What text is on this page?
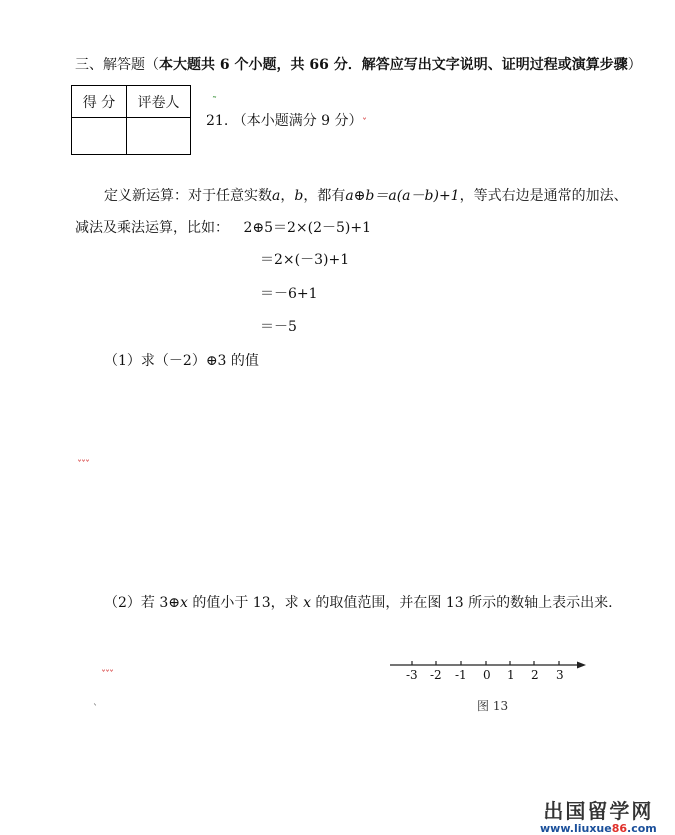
三、解答题（本大题共 6 个小题，共 66 分．解答应写出文字说明、证明过程或演算步骤）
得 分	评卷人
		˜
21. （本小题满分 9 分） ˇ
定义新运算：对于任意实数a，b，都有a⊕b＝a(a－b)+1，等式右边是通常的加法、
减法及乘法运算，比如： 2⊕5＝2×(2－5)+1
＝2×(－3)+1
＝－6+1
＝－5
（1）求（－2）⊕3 的值
ˇˇˇ
（2）若 3⊕x 的值小于 13，求 x 的取值范围，并在图 13 所示的数轴上表示出来.
ˇˇˇ
ˋ
-3 -2 -1 0 1 2 3
图 13
出国留学网
www.liuxue86.com
